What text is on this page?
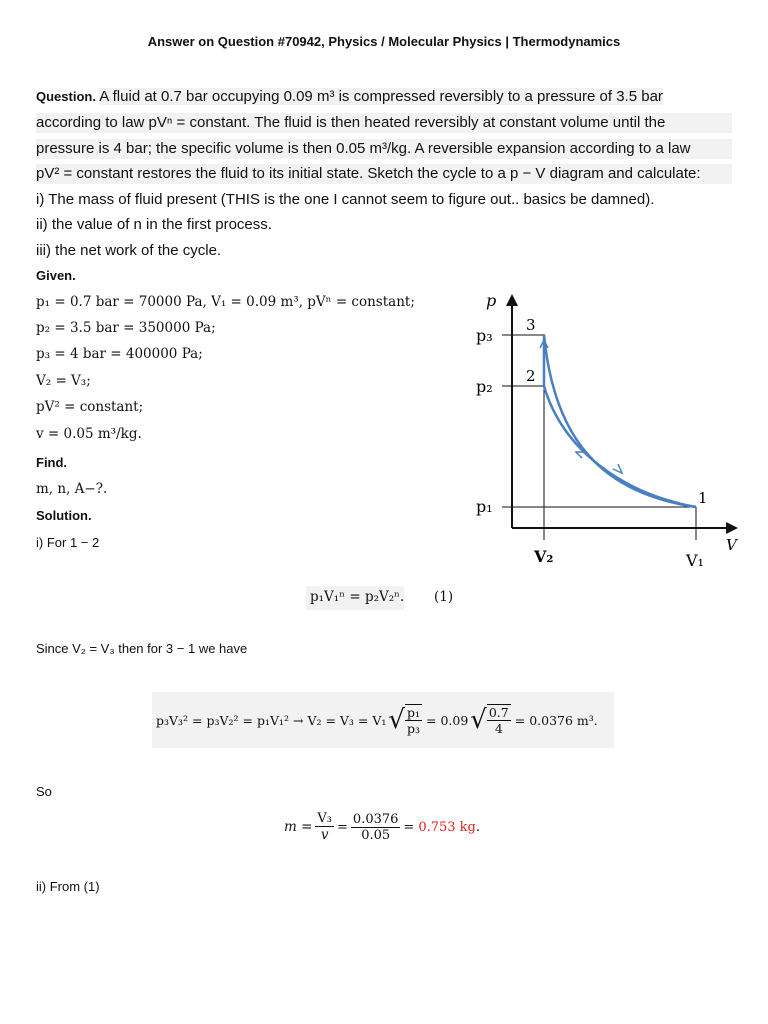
Answer on Question #70942, Physics / Molecular Physics | Thermodynamics
Question. A fluid at 0.7 bar occupying 0.09 m³ is compressed reversibly to a pressure of 3.5 bar
according to law pVⁿ = constant. The fluid is then heated reversibly at constant volume until the
pressure is 4 bar; the specific volume is then 0.05 m³/kg. A reversible expansion according to a law
pV² = constant restores the fluid to its initial state. Sketch the cycle to a p − V diagram and calculate:
i) The mass of fluid present (THIS is the one I cannot seem to figure out.. basics be damned).
ii) the value of n in the first process.
iii) the net work of the cycle.
Given.
p₁ = 0.7 bar = 70000 Pa, V₁ = 0.09 m³, pVⁿ = constant;
p₂ = 3.5 bar = 350000 Pa;
p₃ = 4 bar = 400000 Pa;
V₂ = V₃;
pV² = constant;
v = 0.05 m³/kg.
Find.
m, n, A−?.
Solution.
i) For 1 − 2
p₁V₁ⁿ = p₂V₂ⁿ. (1)
Since V₂ = V₃ then for 3 − 1 we have
p₃V₃² = p₃V₂² = p₁V₁² → V₂ = V₃ = V₁ √ $\frac{\text{p₁}}{\text{p₃}} = 0.09$ √ $\frac{0.7}{4} = 0.0376$ m³.
So
$m = \frac{\text{V₃}}{v} = \frac{0.0376}{0.05} = 0.753$ kg .
ii) From (1)
p
V
p₃
p₂
p₁
V₂	V₁
3
2
1
